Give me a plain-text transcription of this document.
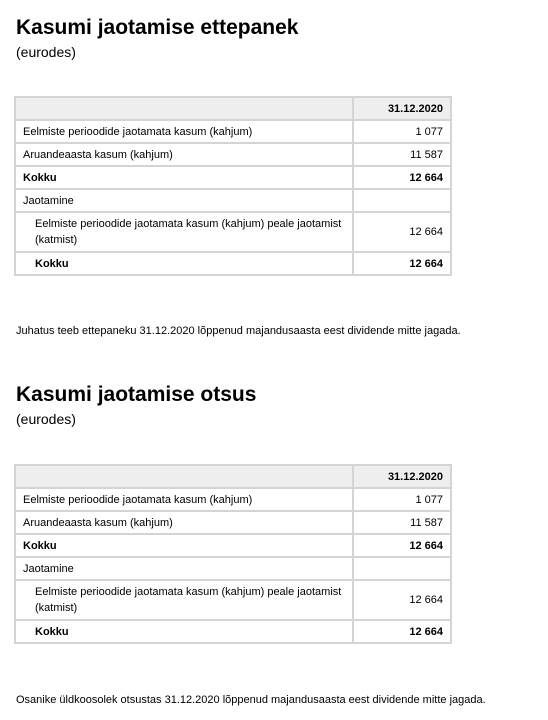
Kasumi jaotamise ettepanek
(eurodes)
	31.12.2020
Eelmiste perioodide jaotamata kasum (kahjum)	1 077
Aruandeaasta kasum (kahjum)	11 587
Kokku	12 664
Jaotamine	
Eelmiste perioodide jaotamata kasum (kahjum) peale jaotamist (katmist)	12 664
Kokku	12 664

Juhatus teeb ettepaneku 31.12.2020 lõppenud majandusaasta eest dividende mitte jagada.

Kasumi jaotamise otsus
(eurodes)
	31.12.2020
Eelmiste perioodide jaotamata kasum (kahjum)	1 077
Aruandeaasta kasum (kahjum)	11 587
Kokku	12 664
Jaotamine	
Eelmiste perioodide jaotamata kasum (kahjum) peale jaotamist (katmist)	12 664
Kokku	12 664

Osanike üldkoosolek otsustas 31.12.2020 lõppenud majandusaasta eest dividende mitte jagada.
